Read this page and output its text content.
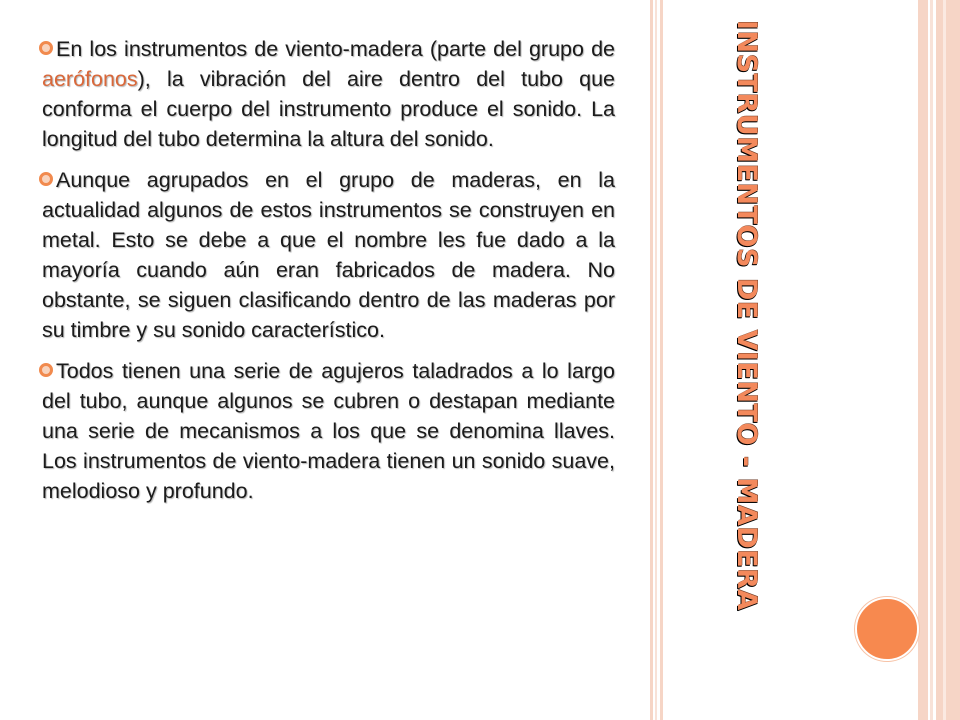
INSTRUMENTOS DE VIENTO - MADERA

En los instrumentos de viento-madera (parte del grupo de aerófonos), la vibración del aire dentro del tubo que conforma el cuerpo del instrumento produce el sonido. La longitud del tubo determina la altura del sonido.

Aunque agrupados en el grupo de maderas, en la actualidad algunos de estos instrumentos se construyen en metal. Esto se debe a que el nombre les fue dado a la mayoría cuando aún eran fabricados de madera. No obstante, se siguen clasificando dentro de las maderas por su timbre y su sonido característico.

Todos tienen una serie de agujeros taladrados a lo largo del tubo, aunque algunos se cubren o destapan mediante una serie de mecanismos a los que se denomina llaves. Los instrumentos de viento-madera tienen un sonido suave, melodioso y profundo.
